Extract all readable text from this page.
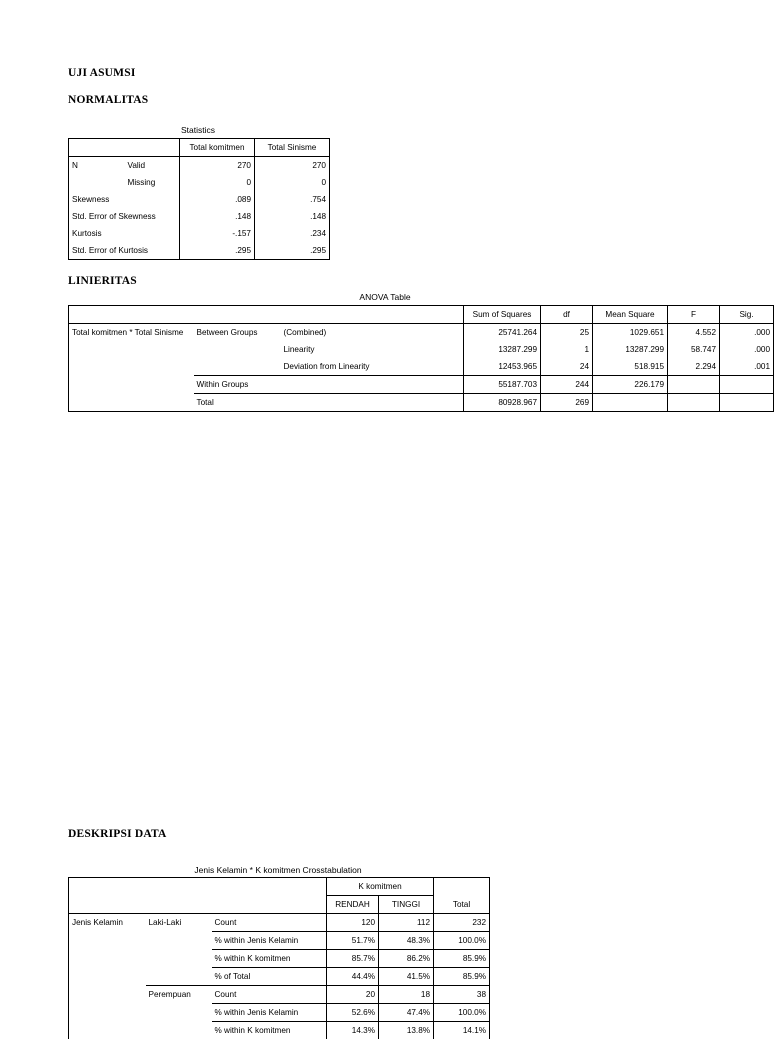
UJI ASUMSI
NORMALITAS
Statistics
		Total komitmen	Total Sinisme
N	Valid	270	270
	Missing	0	0
Skewness		.089	.754
Std. Error of Skewness		.148	.148
Kurtosis		-.157	.234
Std. Error of Kurtosis		.295	.295
LINIERITAS
ANOVA Table
			Sum of Squares	df	Mean Square	F	Sig.
Total komitmen * Total Sinisme	Between Groups	(Combined)	25741.264	25	1029.651	4.552	.000
		Linearity	13287.299	1	13287.299	58.747	.000
		Deviation from Linearity	12453.965	24	518.915	2.294	.001
	Within Groups		55187.703	244	226.179		
	Total		80928.967	269			
DESKRIPSI DATA
Jenis Kelamin * K komitmen Crosstabulation
			K komitmen		
			RENDAH	TINGGI	Total
Jenis Kelamin	Laki-Laki	Count	120	112	232
		% within Jenis Kelamin	51.7%	48.3%	100.0%
		% within K komitmen	85.7%	86.2%	85.9%
		% of Total	44.4%	41.5%	85.9%
	Perempuan	Count	20	18	38
		% within Jenis Kelamin	52.6%	47.4%	100.0%
		% within K komitmen	14.3%	13.8%	14.1%
